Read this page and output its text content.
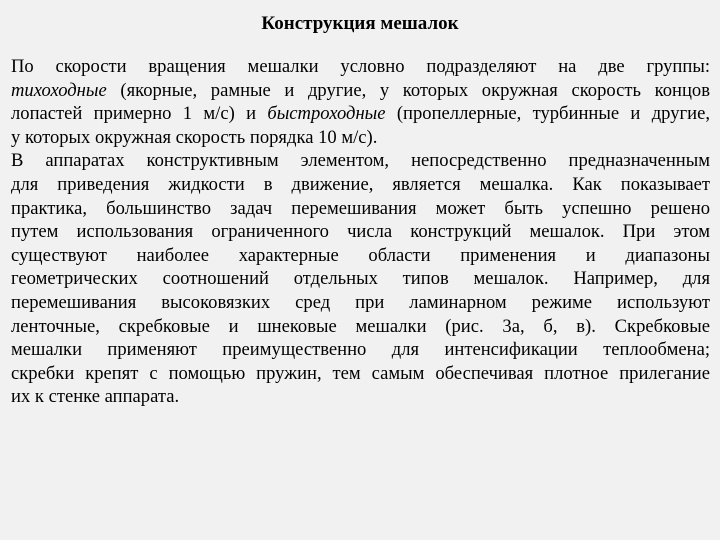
Конструкция мешалок
По скорости вращения мешалки условно подразделяют на две группы:
тихоходные (якорные, рамные и другие, у которых окружная скорость концов
лопастей примерно 1 м/с) и быстроходные (пропеллерные, турбинные и другие,
у которых окружная скорость порядка 10 м/с).
В аппаратах конструктивным элементом, непосредственно предназначенным
для приведения жидкости в движение, является мешалка. Как показывает
практика, большинство задач перемешивания может быть успешно решено
путем использования ограниченного числа конструкций мешалок. При этом
существуют наиболее характерные области применения и диапазоны
геометрических соотношений отдельных типов мешалок. Например, для
перемешивания высоковязких сред при ламинарном режиме используют
ленточные, скребковые и шнековые мешалки (рис. 3а, б, в). Скребковые
мешалки применяют преимущественно для интенсификации теплообмена;
скребки крепят с помощью пружин, тем самым обеспечивая плотное прилегание
их к стенке аппарата.
